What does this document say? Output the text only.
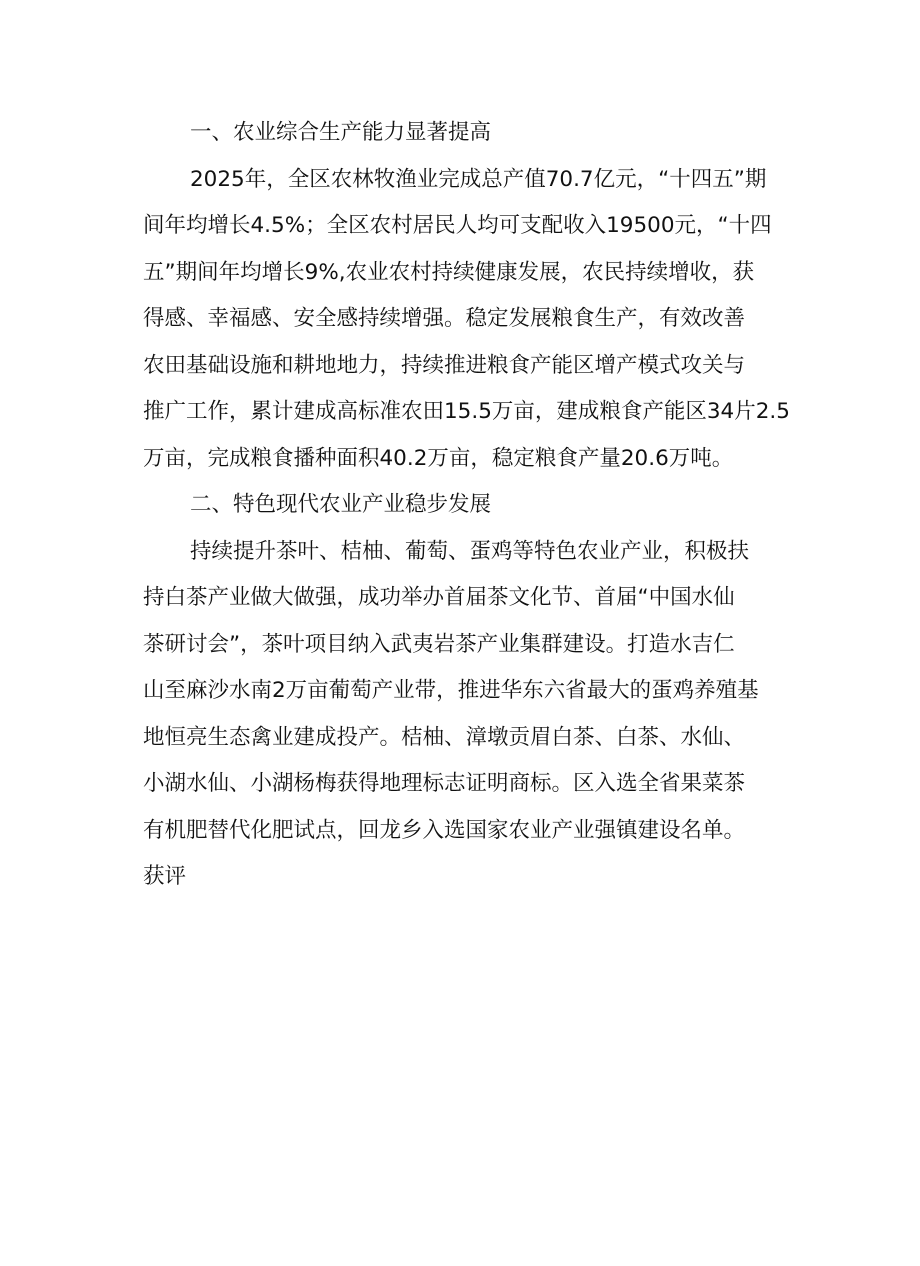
一、农业综合生产能力显著提高
2025年，全区农林牧渔业完成总产值70.7亿元，“十四五”期
间年均增长4.5%；全区农村居民人均可支配收入19500元，“十四
五”期间年均增长9%,农业农村持续健康发展，农民持续增收，获
得感、幸福感、安全感持续增强。稳定发展粮食生产，有效改善
农田基础设施和耕地地力，持续推进粮食产能区增产模式攻关与
推广工作，累计建成高标准农田15.5万亩，建成粮食产能区34片2.5
万亩，完成粮食播种面积40.2万亩，稳定粮食产量20.6万吨。
二、特色现代农业产业稳步发展
持续提升茶叶、桔柚、葡萄、蛋鸡等特色农业产业，积极扶
持白茶产业做大做强，成功举办首届茶文化节、首届“中国水仙
茶研讨会”，茶叶项目纳入武夷岩茶产业集群建设。打造水吉仁
山至麻沙水南2万亩葡萄产业带，推进华东六省最大的蛋鸡养殖基
地恒亮生态禽业建成投产。桔柚、漳墩贡眉白茶、白茶、水仙、
小湖水仙、小湖杨梅获得地理标志证明商标。区入选全省果菜茶
有机肥替代化肥试点，回龙乡入选国家农业产业强镇建设名单。
获评
